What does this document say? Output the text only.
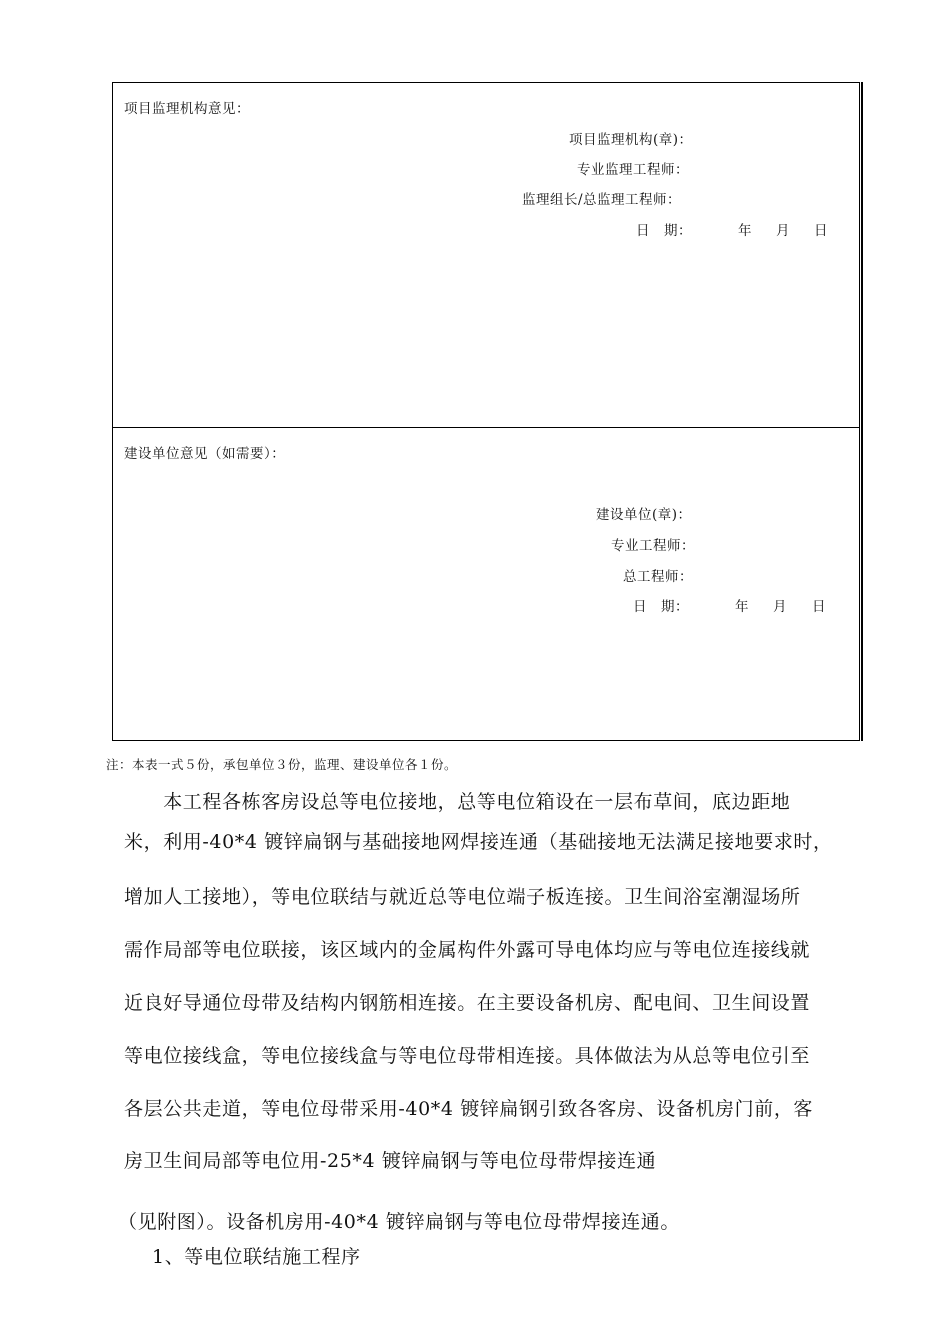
项目监理机构意见：
项目监理机构(章)：
专业监理工程师：
监理组长/总监理工程师：
日　期：	年 月 日
建设单位意见（如需要）：
建设单位(章)：
专业工程师：
总工程师：
日　期：	年 月 日
注：本表一式５份，承包单位３份，监理、建设单位各１份。
　　本工程各栋客房设总等电位接地，总等电位箱设在一层布草间，底边距地
米，利用-40*4 镀锌扁钢与基础接地网焊接连通（基础接地无法满足接地要求时，
增加人工接地），等电位联结与就近总等电位端子板连接。卫生间浴室潮湿场所
需作局部等电位联接，该区域内的金属构件外露可导电体均应与等电位连接线就
近良好导通位母带及结构内钢筋相连接。在主要设备机房、配电间、卫生间设置
等电位接线盒，等电位接线盒与等电位母带相连接。具体做法为从总等电位引至
各层公共走道，等电位母带采用-40*4 镀锌扁钢引致各客房、设备机房门前，客
房卫生间局部等电位用-25*4 镀锌扁钢与等电位母带焊接连通
（见附图）。设备机房用-40*4 镀锌扁钢与等电位母带焊接连通。
1、等电位联结施工程序
